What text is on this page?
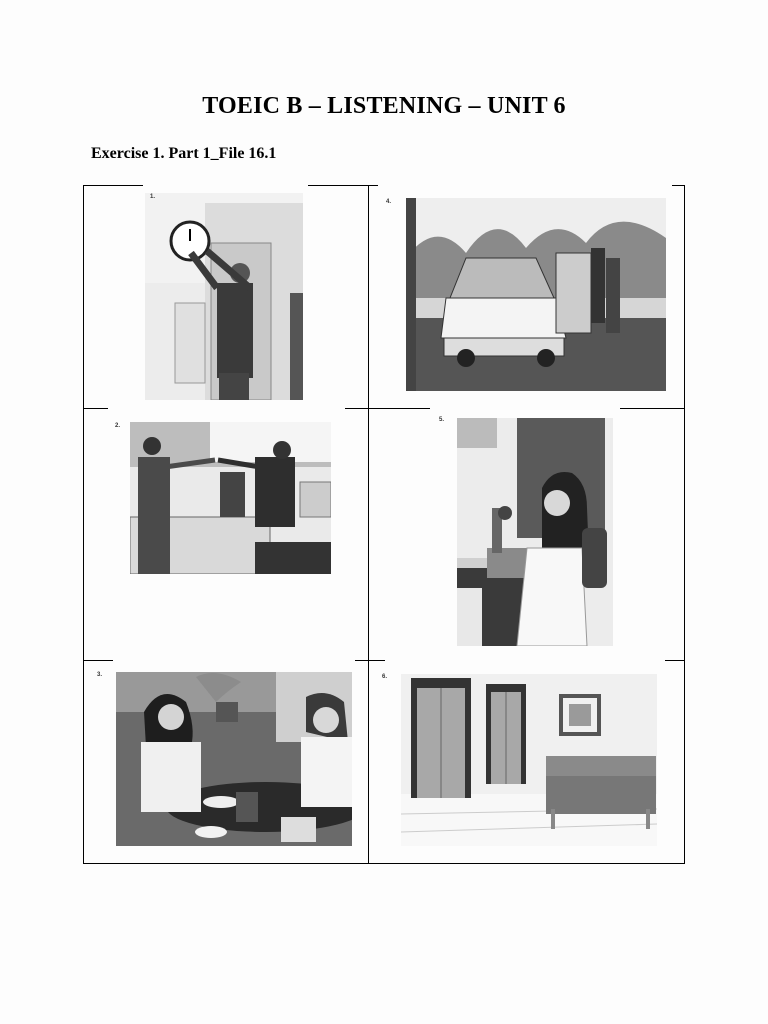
TOEIC B – LISTENING – UNIT 6
Exercise 1. Part 1_File 16.1
1.
4.
2.
5.
3.	6.
